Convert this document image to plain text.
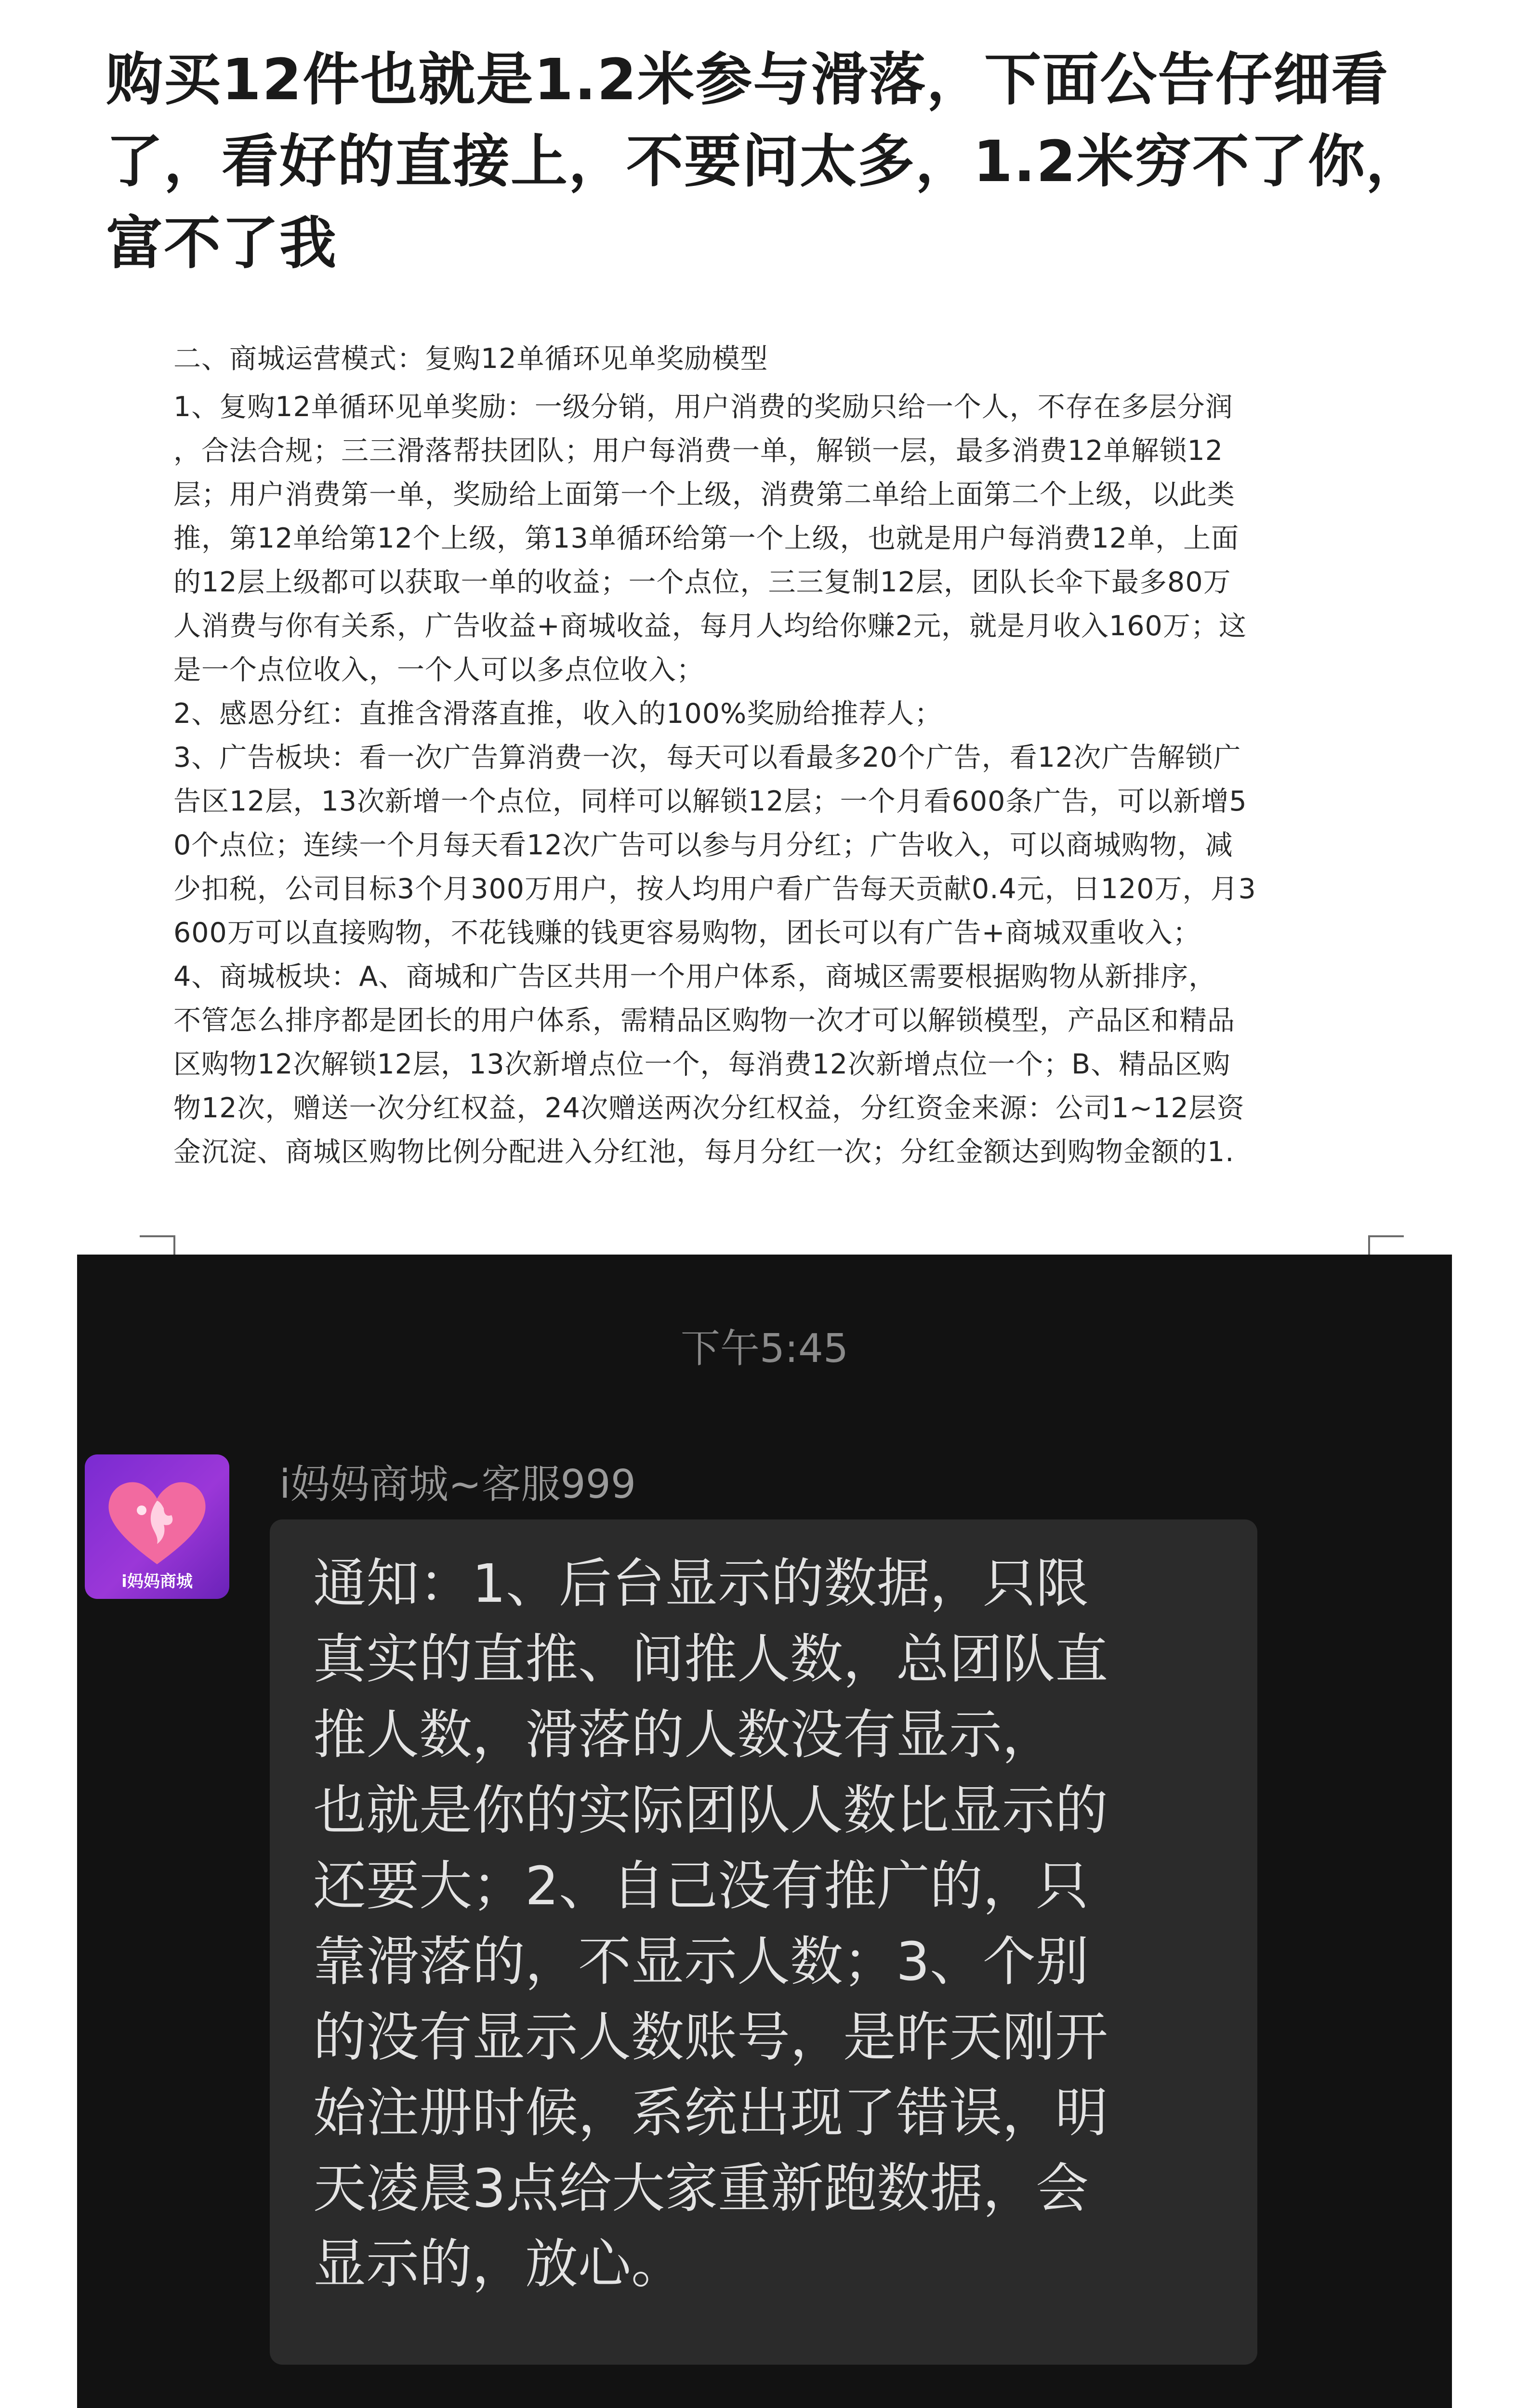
购买12件也就是1.2米参与滑落，下面公告仔细看了，看好的直接上，不要问太多，1.2米穷不了你，富不了我

二、商城运营模式：复购12单循环见单奖励模型

1、复购12单循环见单奖励：一级分销，用户消费的奖励只给一个人，不存在多层分润

，合法合规；三三滑落帮扶团队；用户每消费一单，解锁一层，最多消费12单解锁12

层；用户消费第一单，奖励给上面第一个上级，消费第二单给上面第二个上级，以此类

推，第12单给第12个上级，第13单循环给第一个上级，也就是用户每消费12单，上面

的12层上级都可以获取一单的收益；一个点位，三三复制12层，团队长伞下最多80万

人消费与你有关系，广告收益+商城收益，每月人均给你赚2元，就是月收入160万；这

是一个点位收入，一个人可以多点位收入；

2、感恩分红：直推含滑落直推，收入的100%奖励给推荐人；

3、广告板块：看一次广告算消费一次，每天可以看最多20个广告，看12次广告解锁广

告区12层，13次新增一个点位，同样可以解锁12层；一个月看600条广告，可以新增5

0个点位；连续一个月每天看12次广告可以参与月分红；广告收入，可以商城购物，减

少扣税，公司目标3个月300万用户，按人均用户看广告每天贡献0.4元，日120万，月3

600万可以直接购物，不花钱赚的钱更容易购物，团长可以有广告+商城双重收入；

4、商城板块：A、商城和广告区共用一个用户体系，商城区需要根据购物从新排序，

不管怎么排序都是团长的用户体系，需精品区购物一次才可以解锁模型，产品区和精品

区购物12次解锁12层，13次新增点位一个，每消费12次新增点位一个；B、精品区购

物12次，赠送一次分红权益，24次赠送两次分红权益，分红资金来源：公司1~12层资

金沉淀、商城区购物比例分配进入分红池，每月分红一次；分红金额达到购物金额的1.

下午5:45
i妈妈商城
i妈妈商城~客服999

通知：1、后台显示的数据，只限

真实的直推、间推人数，总团队直

推人数，滑落的人数没有显示，

也就是你的实际团队人数比显示的

还要大；2、自己没有推广的，只

靠滑落的，不显示人数；3、个别

的没有显示人数账号，是昨天刚开

始注册时候，系统出现了错误，明

天凌晨3点给大家重新跑数据，会

显示的，放心。
